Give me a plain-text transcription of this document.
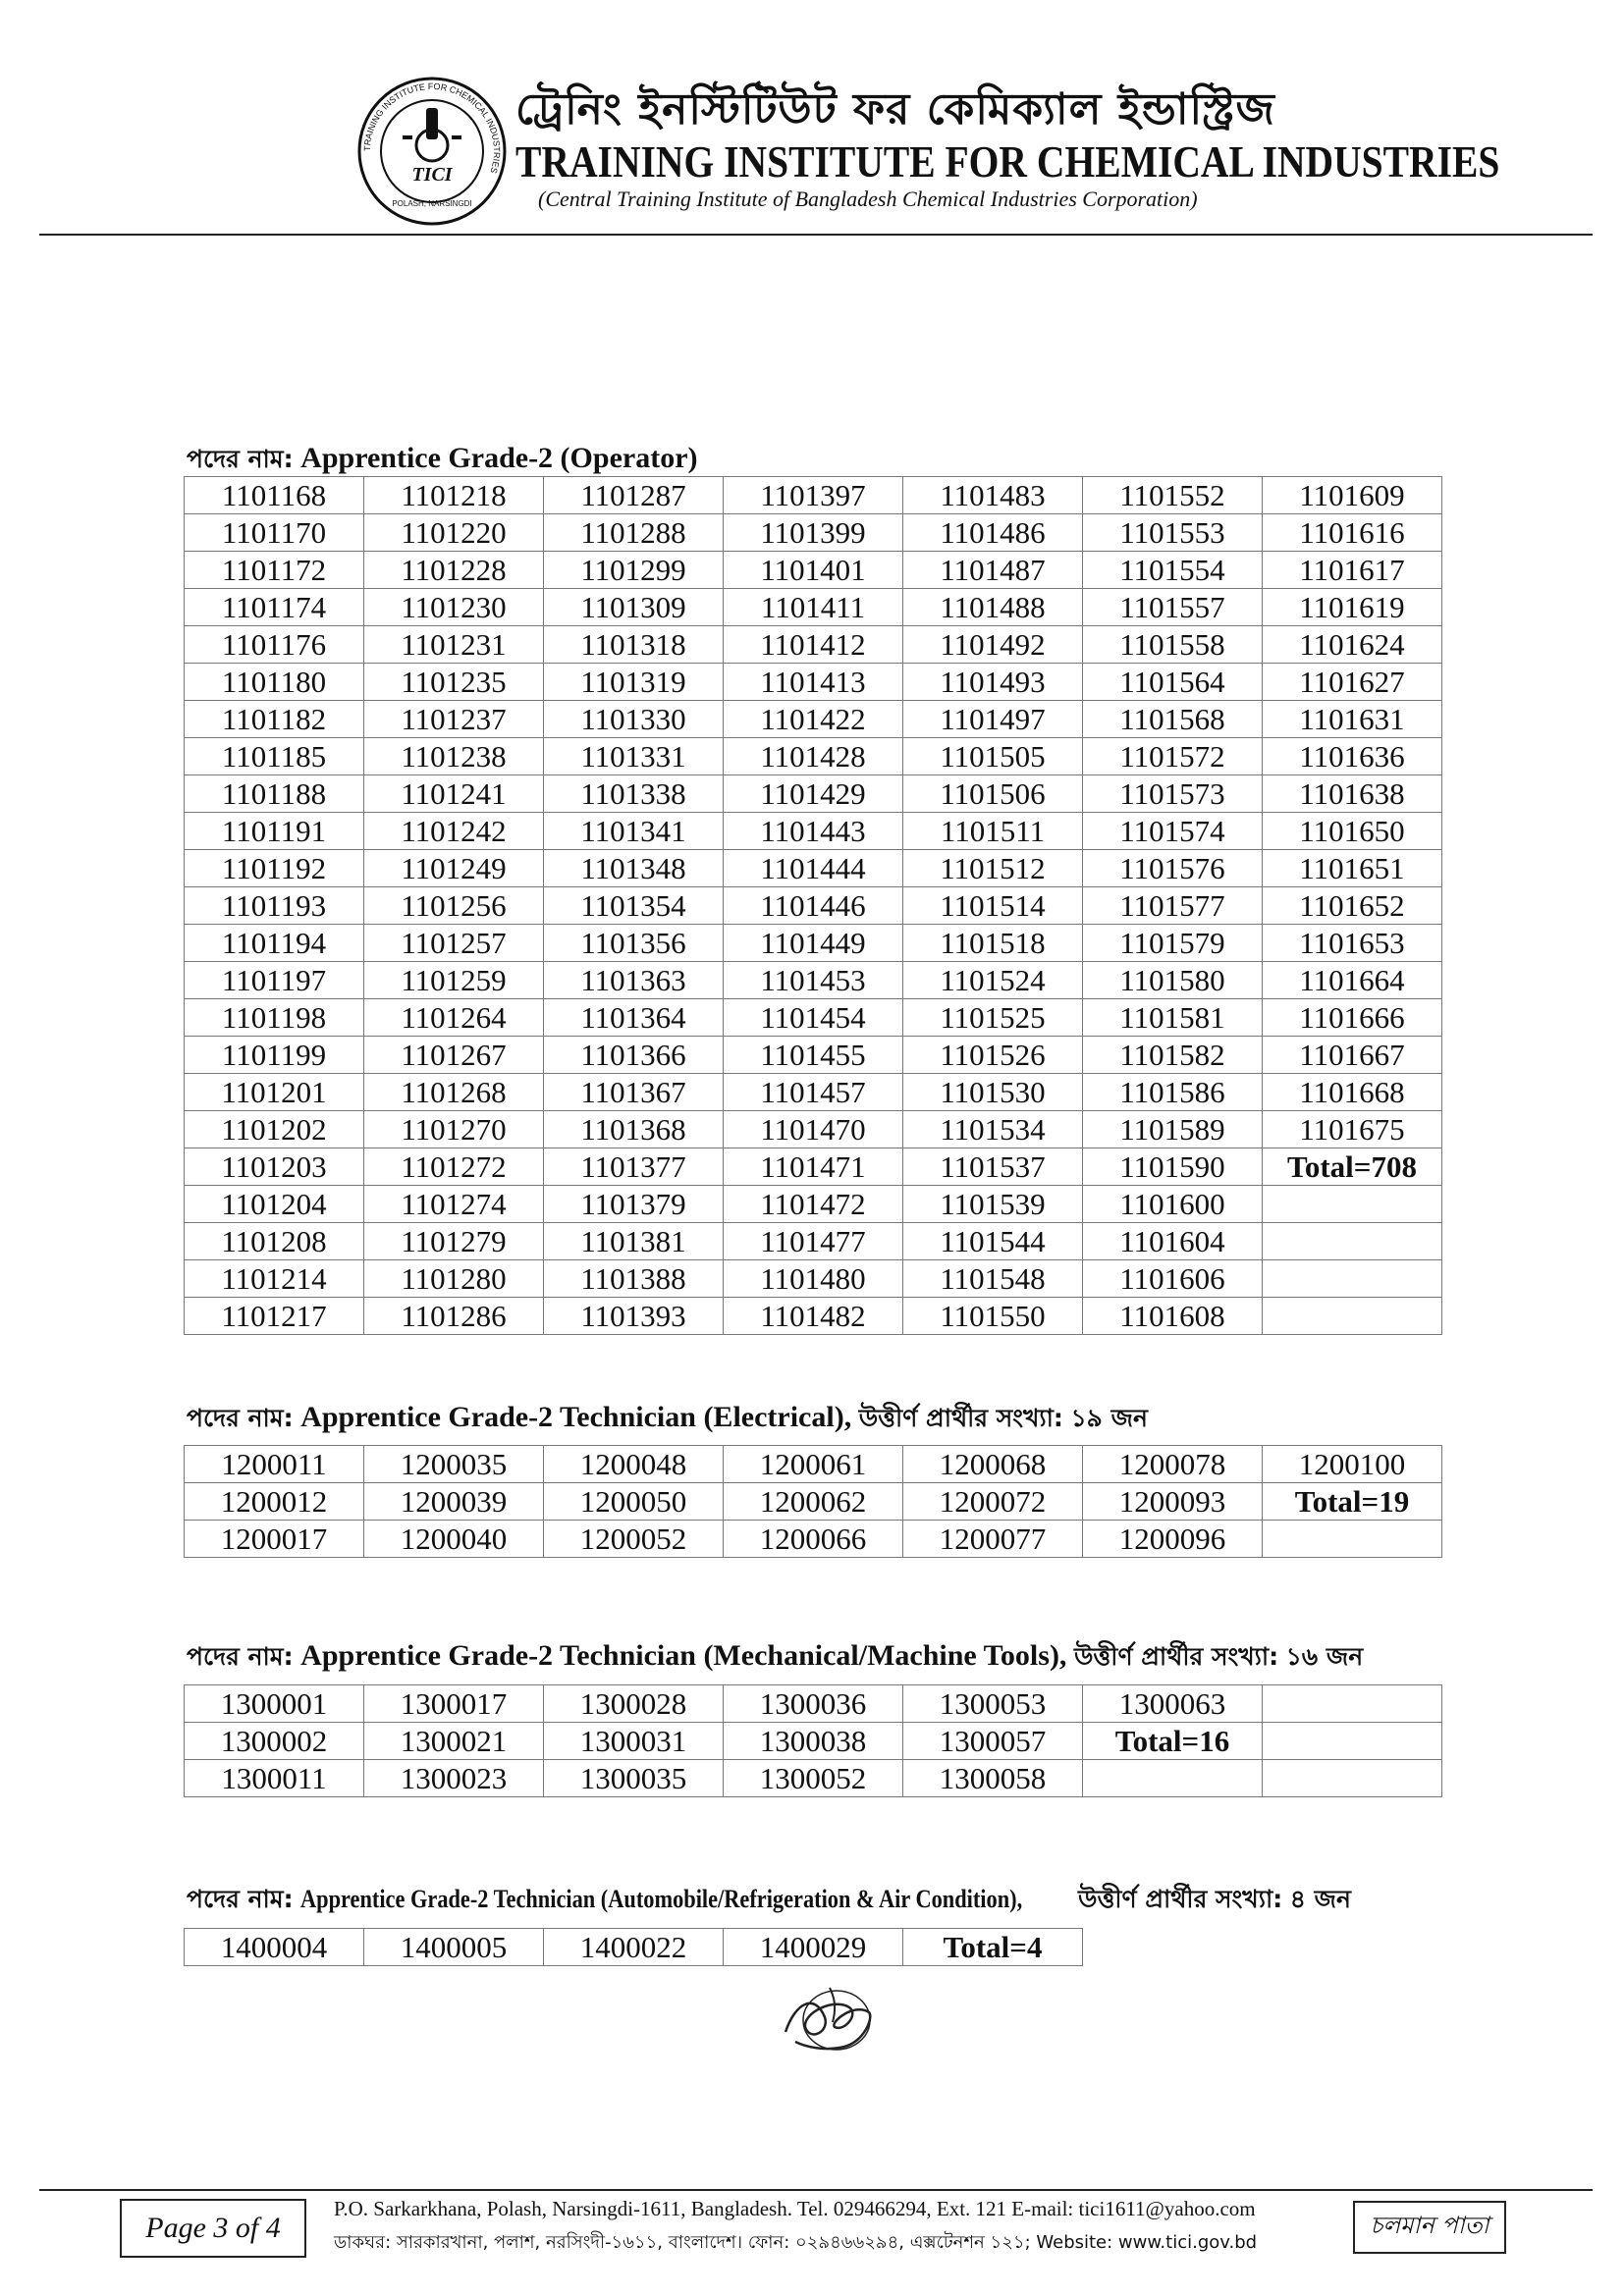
TRAINING INSTITUTE FOR CHEMICAL INDUSTRIES
TICI
POLASH, NARSINGDI
ট্রেনিং ইনস্টিটিউট ফর কেমিক্যাল ইন্ডাস্ট্রিজ
TRAINING INSTITUTE FOR CHEMICAL INDUSTRIES
(Central Training Institute of Bangladesh Chemical Industries Corporation)
পদের নাম: Apprentice Grade-2 (Operator)
1101168	1101218	1101287	1101397	1101483	1101552	1101609
1101170	1101220	1101288	1101399	1101486	1101553	1101616
1101172	1101228	1101299	1101401	1101487	1101554	1101617
1101174	1101230	1101309	1101411	1101488	1101557	1101619
1101176	1101231	1101318	1101412	1101492	1101558	1101624
1101180	1101235	1101319	1101413	1101493	1101564	1101627
1101182	1101237	1101330	1101422	1101497	1101568	1101631
1101185	1101238	1101331	1101428	1101505	1101572	1101636
1101188	1101241	1101338	1101429	1101506	1101573	1101638
1101191	1101242	1101341	1101443	1101511	1101574	1101650
1101192	1101249	1101348	1101444	1101512	1101576	1101651
1101193	1101256	1101354	1101446	1101514	1101577	1101652
1101194	1101257	1101356	1101449	1101518	1101579	1101653
1101197	1101259	1101363	1101453	1101524	1101580	1101664
1101198	1101264	1101364	1101454	1101525	1101581	1101666
1101199	1101267	1101366	1101455	1101526	1101582	1101667
1101201	1101268	1101367	1101457	1101530	1101586	1101668
1101202	1101270	1101368	1101470	1101534	1101589	1101675
1101203	1101272	1101377	1101471	1101537	1101590	Total=708
1101204	1101274	1101379	1101472	1101539	1101600	
1101208	1101279	1101381	1101477	1101544	1101604	
1101214	1101280	1101388	1101480	1101548	1101606	
1101217	1101286	1101393	1101482	1101550	1101608	
পদের নাম: Apprentice Grade-2 Technician (Electrical), উত্তীর্ণ প্রার্থীর সংখ্যা: ১৯ জন
1200011	1200035	1200048	1200061	1200068	1200078	1200100
1200012	1200039	1200050	1200062	1200072	1200093	Total=19
1200017	1200040	1200052	1200066	1200077	1200096	
পদের নাম: Apprentice Grade-2 Technician (Mechanical/Machine Tools), উত্তীর্ণ প্রার্থীর সংখ্যা: ১৬ জন
1300001	1300017	1300028	1300036	1300053	1300063	
1300002	1300021	1300031	1300038	1300057	Total=16	
1300011	1300023	1300035	1300052	1300058		
পদের নাম: Apprentice Grade-2 Technician (Automobile/Refrigeration & Air Condition),	উত্তীর্ণ প্রার্থীর সংখ্যা: ৪ জন
1400004	1400005	1400022	1400029	Total=4
Page 3 of 4
P.O. Sarkarkhana, Polash, Narsingdi-1611, Bangladesh. Tel. 029466294, Ext. 121 E-mail: tici1611@yahoo.com
ডাকঘর: সারকারখানা, পলাশ, নরসিংদী-১৬১১, বাংলাদেশ। ফোন: ০২৯৪৬৬২৯৪, এক্সটেনশন ১২১; Website: www.tici.gov.bd
চলমান পাতা
